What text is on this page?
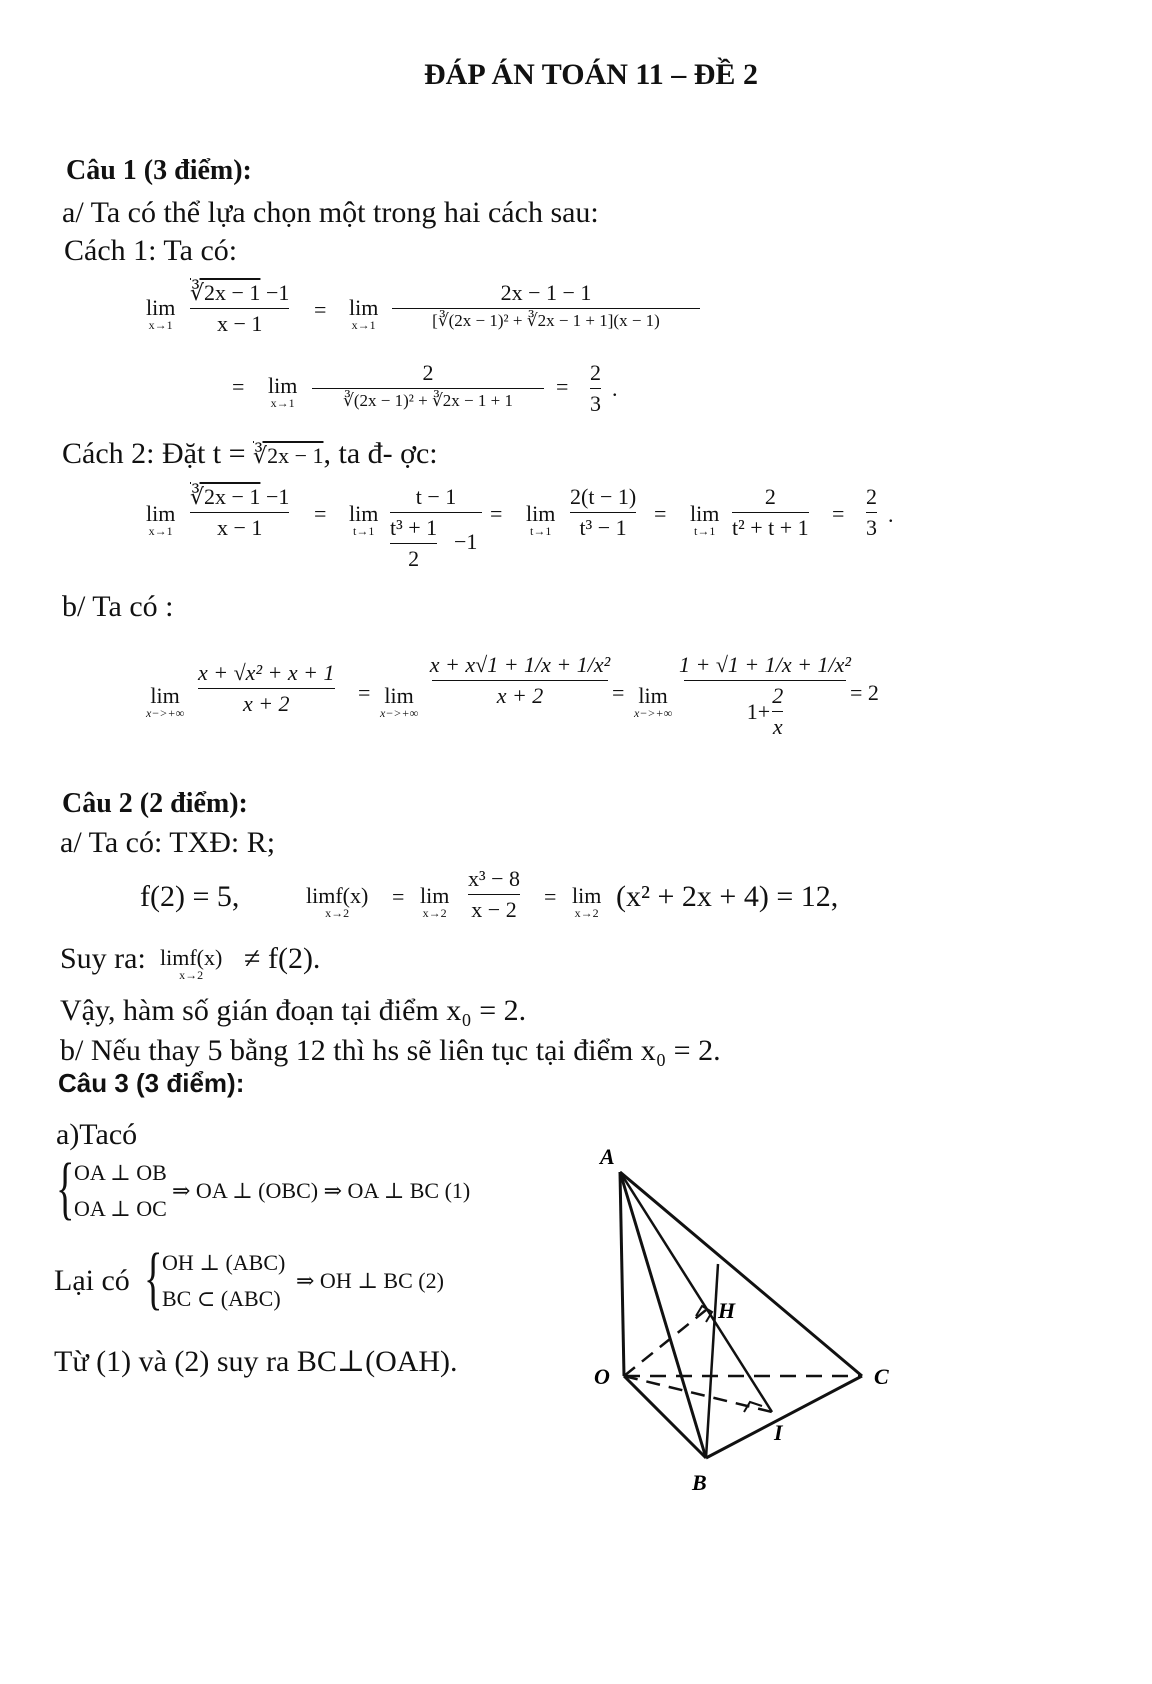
ĐÁP ÁN TOÁN 11 – ĐỀ 2
Câu 1 (3 điểm):
a/ Ta có thể lựa chọn một trong hai cách sau:
Cách 1: Ta có:
lim
x→1
∛2x − 1 −1
x − 1
= lim
x→1
2x − 1 − 1
[∛(2x − 1)² + ∛2x − 1 + 1](x − 1)
= lim
x→1
2
∛(2x − 1)² + ∛2x − 1 + 1
=
2
3
.
Cách 2: Đặt t = ∛2x − 1, ta đ- ợc:
lim
x→1
∛2x − 1 −1
x − 1
= lim
t→1
t − 1
t³ + 1
2
−1
= lim
t→1
2(t − 1)
t³ − 1
= lim
t→1
2
t² + t + 1
=
2
3
.
b/ Ta có :
lim
x−>+∞
x + √x² + x + 1
x + 2	= lim
x−>+∞
x + x√1 + 1/x + 1/x²
x + 2	= lim
x−>+∞
1 + √1 + 1/x + 1/x²
$1+ \frac{2}{x}$	= 2
Câu 2 (2 điểm):
a/ Ta có: TXĐ: R;
f(2) = 5,	limf(x)
x→2
= lim
x→2
x³ − 8
x − 2
= lim
x→2 (x² + 2x + 4) = 12,
Suy ra: limf(x)
x→2	≠ f(2).
Vậy, hàm số gián đoạn tại điểm x₀ = 2.
b/ Nếu thay 5 bằng 12 thì hs sẽ liên tục tại điểm x₀ = 2.
Câu 3 (3 điểm):
a)Tacó
{ OA ⊥ OB
OA ⊥ OC
⇒ OA ⊥ (OBC) ⇒ OA ⊥ BC (1)
Lại có { OH ⊥ (ABC)
BC ⊂ (ABC)
⇒ OH ⊥ BC (2)
Từ (1) và (2) suy ra BC⊥(OAH).
A
B
C
O
H
I
